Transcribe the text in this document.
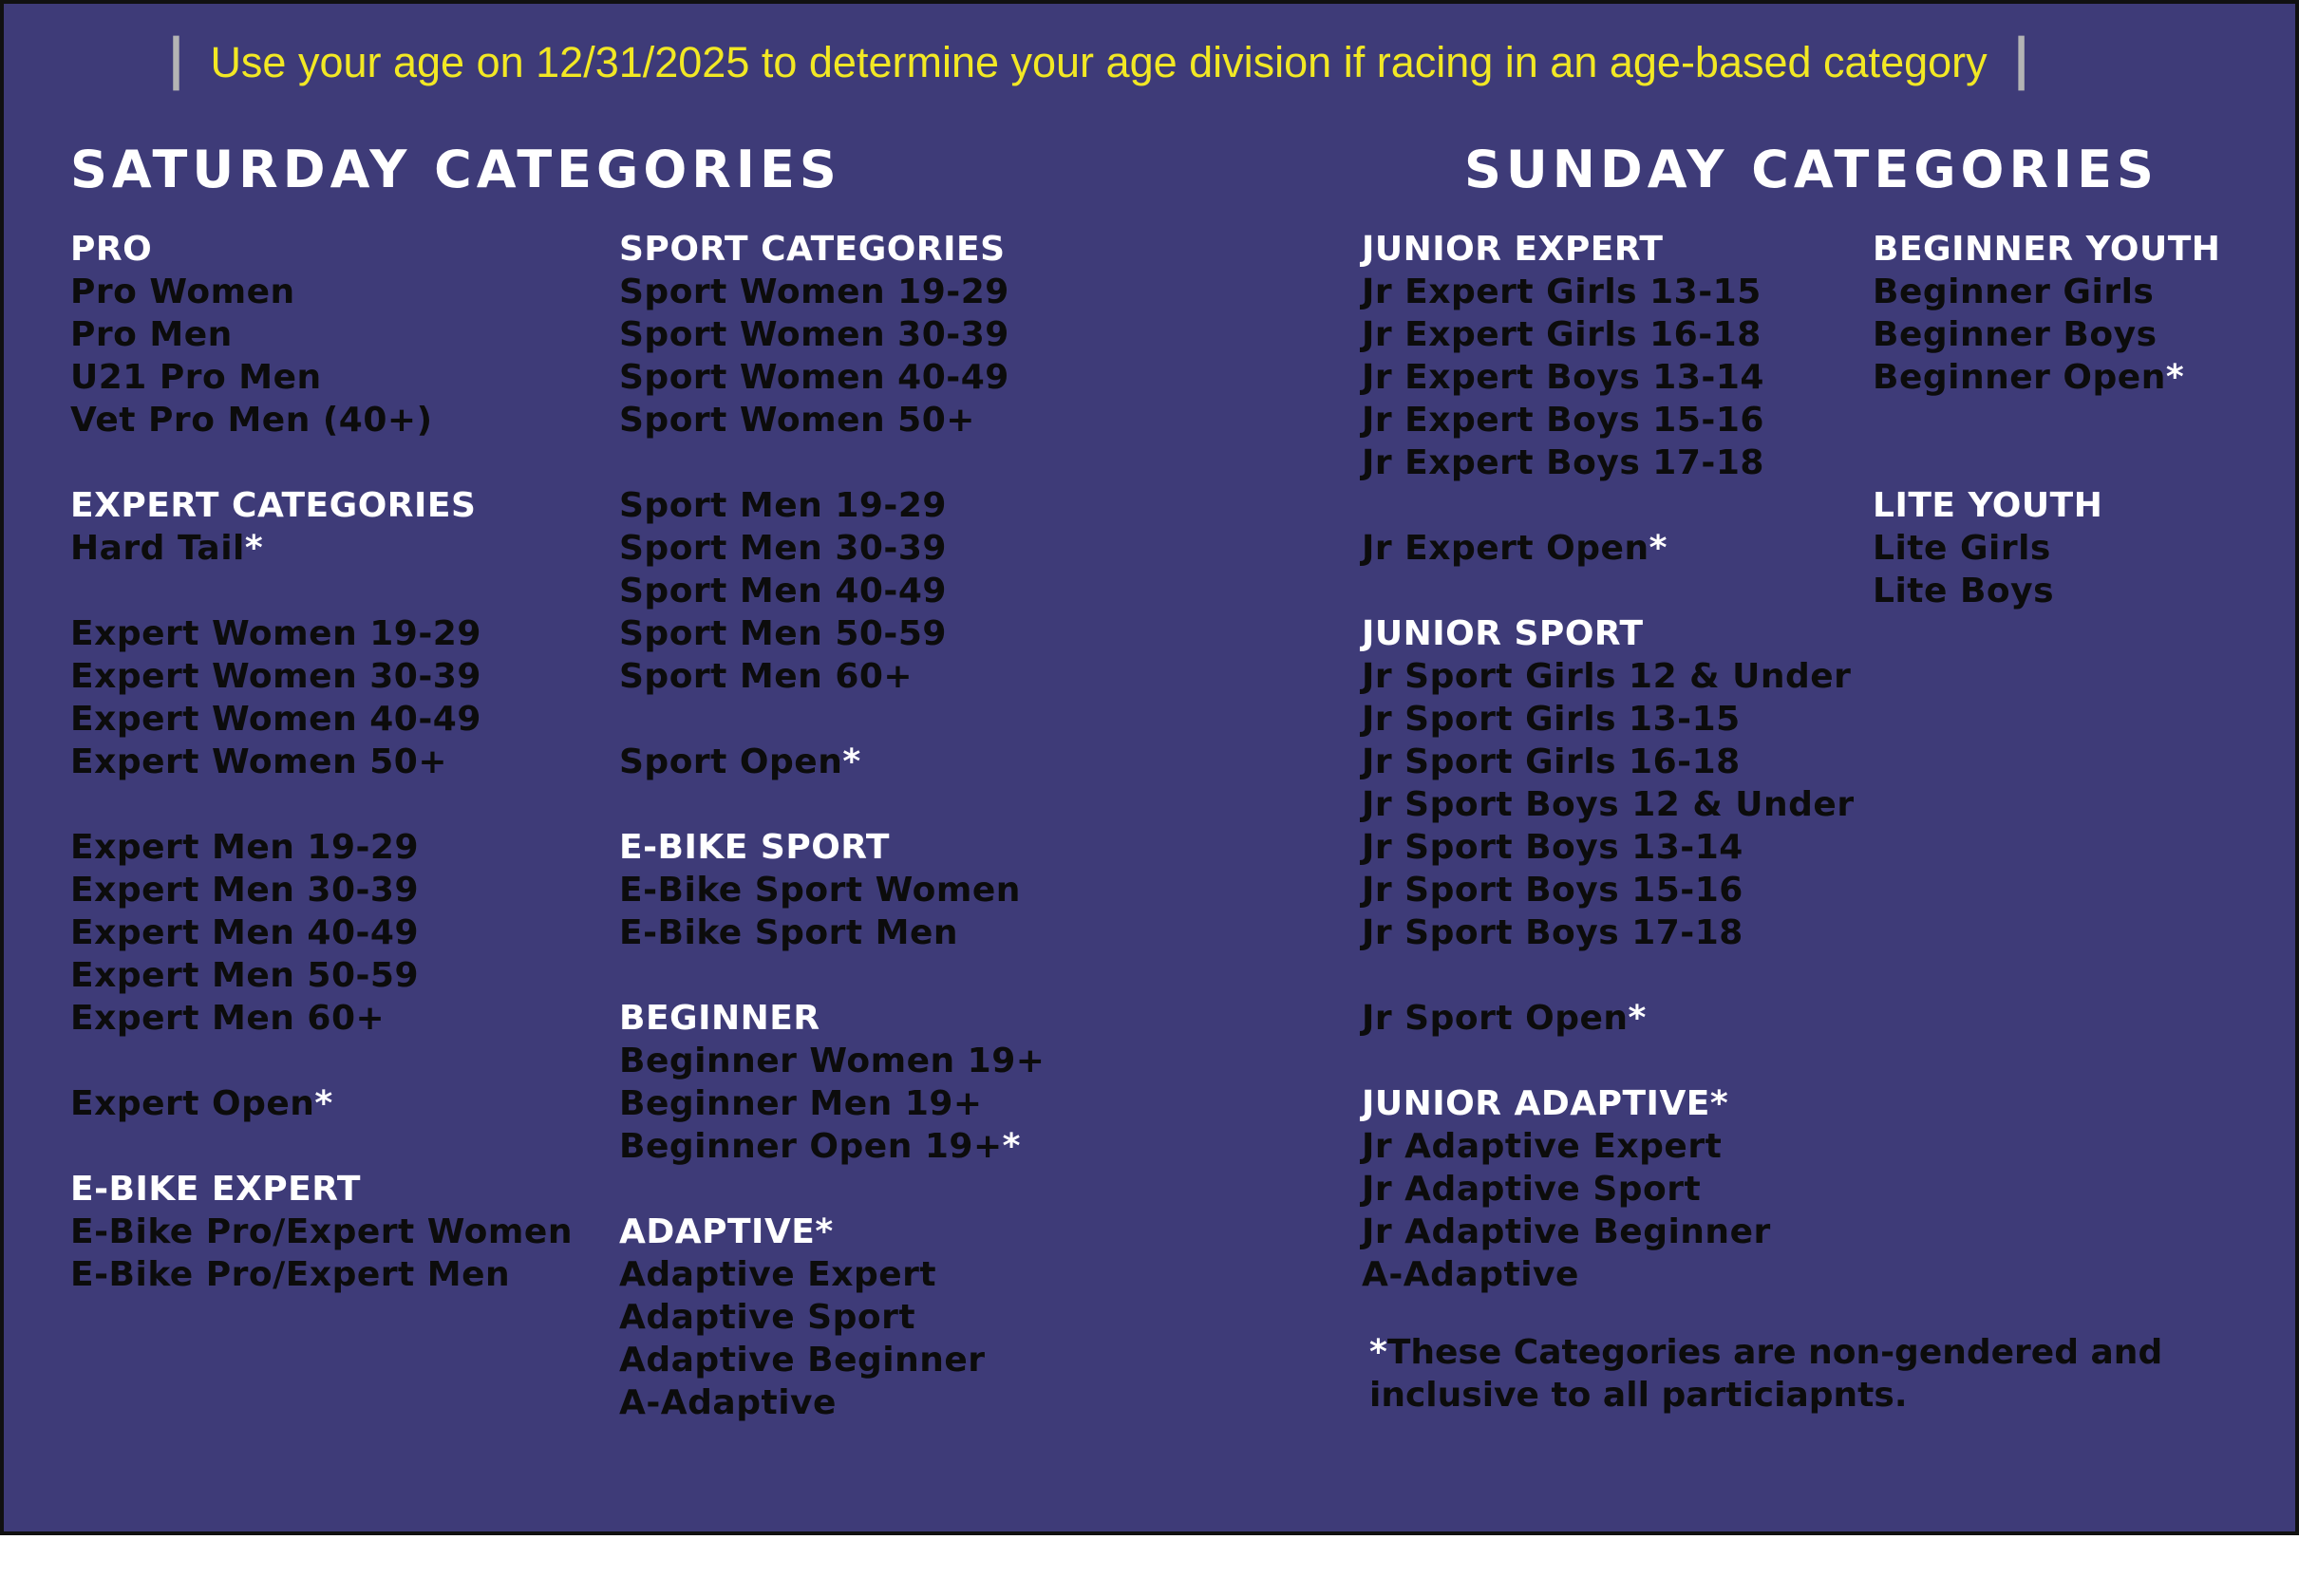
❘ Use your age on 12/31/2025 to determine your age division if racing in an age-based category ❘
SATURDAY CATEGORIES	SUNDAY CATEGORIES
PRO
Pro Women
Pro Men
U21 Pro Men
Vet Pro Men (40+)
EXPERT CATEGORIES
Hard Tail*
Expert Women 19-29
Expert Women 30-39
Expert Women 40-49
Expert Women 50+
Expert Men 19-29
Expert Men 30-39
Expert Men 40-49
Expert Men 50-59
Expert Men 60+
Expert Open*
E-BIKE EXPERT
E-Bike Pro/Expert Women
E-Bike Pro/Expert Men
SPORT CATEGORIES
Sport Women 19-29
Sport Women 30-39
Sport Women 40-49
Sport Women 50+
Sport Men 19-29
Sport Men 30-39
Sport Men 40-49
Sport Men 50-59
Sport Men 60+
Sport Open*
E-BIKE SPORT
E-Bike Sport Women
E-Bike Sport Men
BEGINNER
Beginner Women 19+
Beginner Men 19+
Beginner Open 19+*
ADAPTIVE*
Adaptive Expert
Adaptive Sport
Adaptive Beginner
A-Adaptive
JUNIOR EXPERT
Jr Expert Girls 13-15
Jr Expert Girls 16-18
Jr Expert Boys 13-14
Jr Expert Boys 15-16
Jr Expert Boys 17-18
Jr Expert Open*
JUNIOR SPORT
Jr Sport Girls 12 & Under
Jr Sport Girls 13-15
Jr Sport Girls 16-18
Jr Sport Boys 12 & Under
Jr Sport Boys 13-14
Jr Sport Boys 15-16
Jr Sport Boys 17-18
Jr Sport Open*
JUNIOR ADAPTIVE*
Jr Adaptive Expert
Jr Adaptive Sport
Jr Adaptive Beginner
A-Adaptive
BEGINNER YOUTH
Beginner Girls
Beginner Boys
Beginner Open*
LITE YOUTH
Lite Girls
Lite Boys
*These Categories are non-gendered and
inclusive to all particiapnts.
